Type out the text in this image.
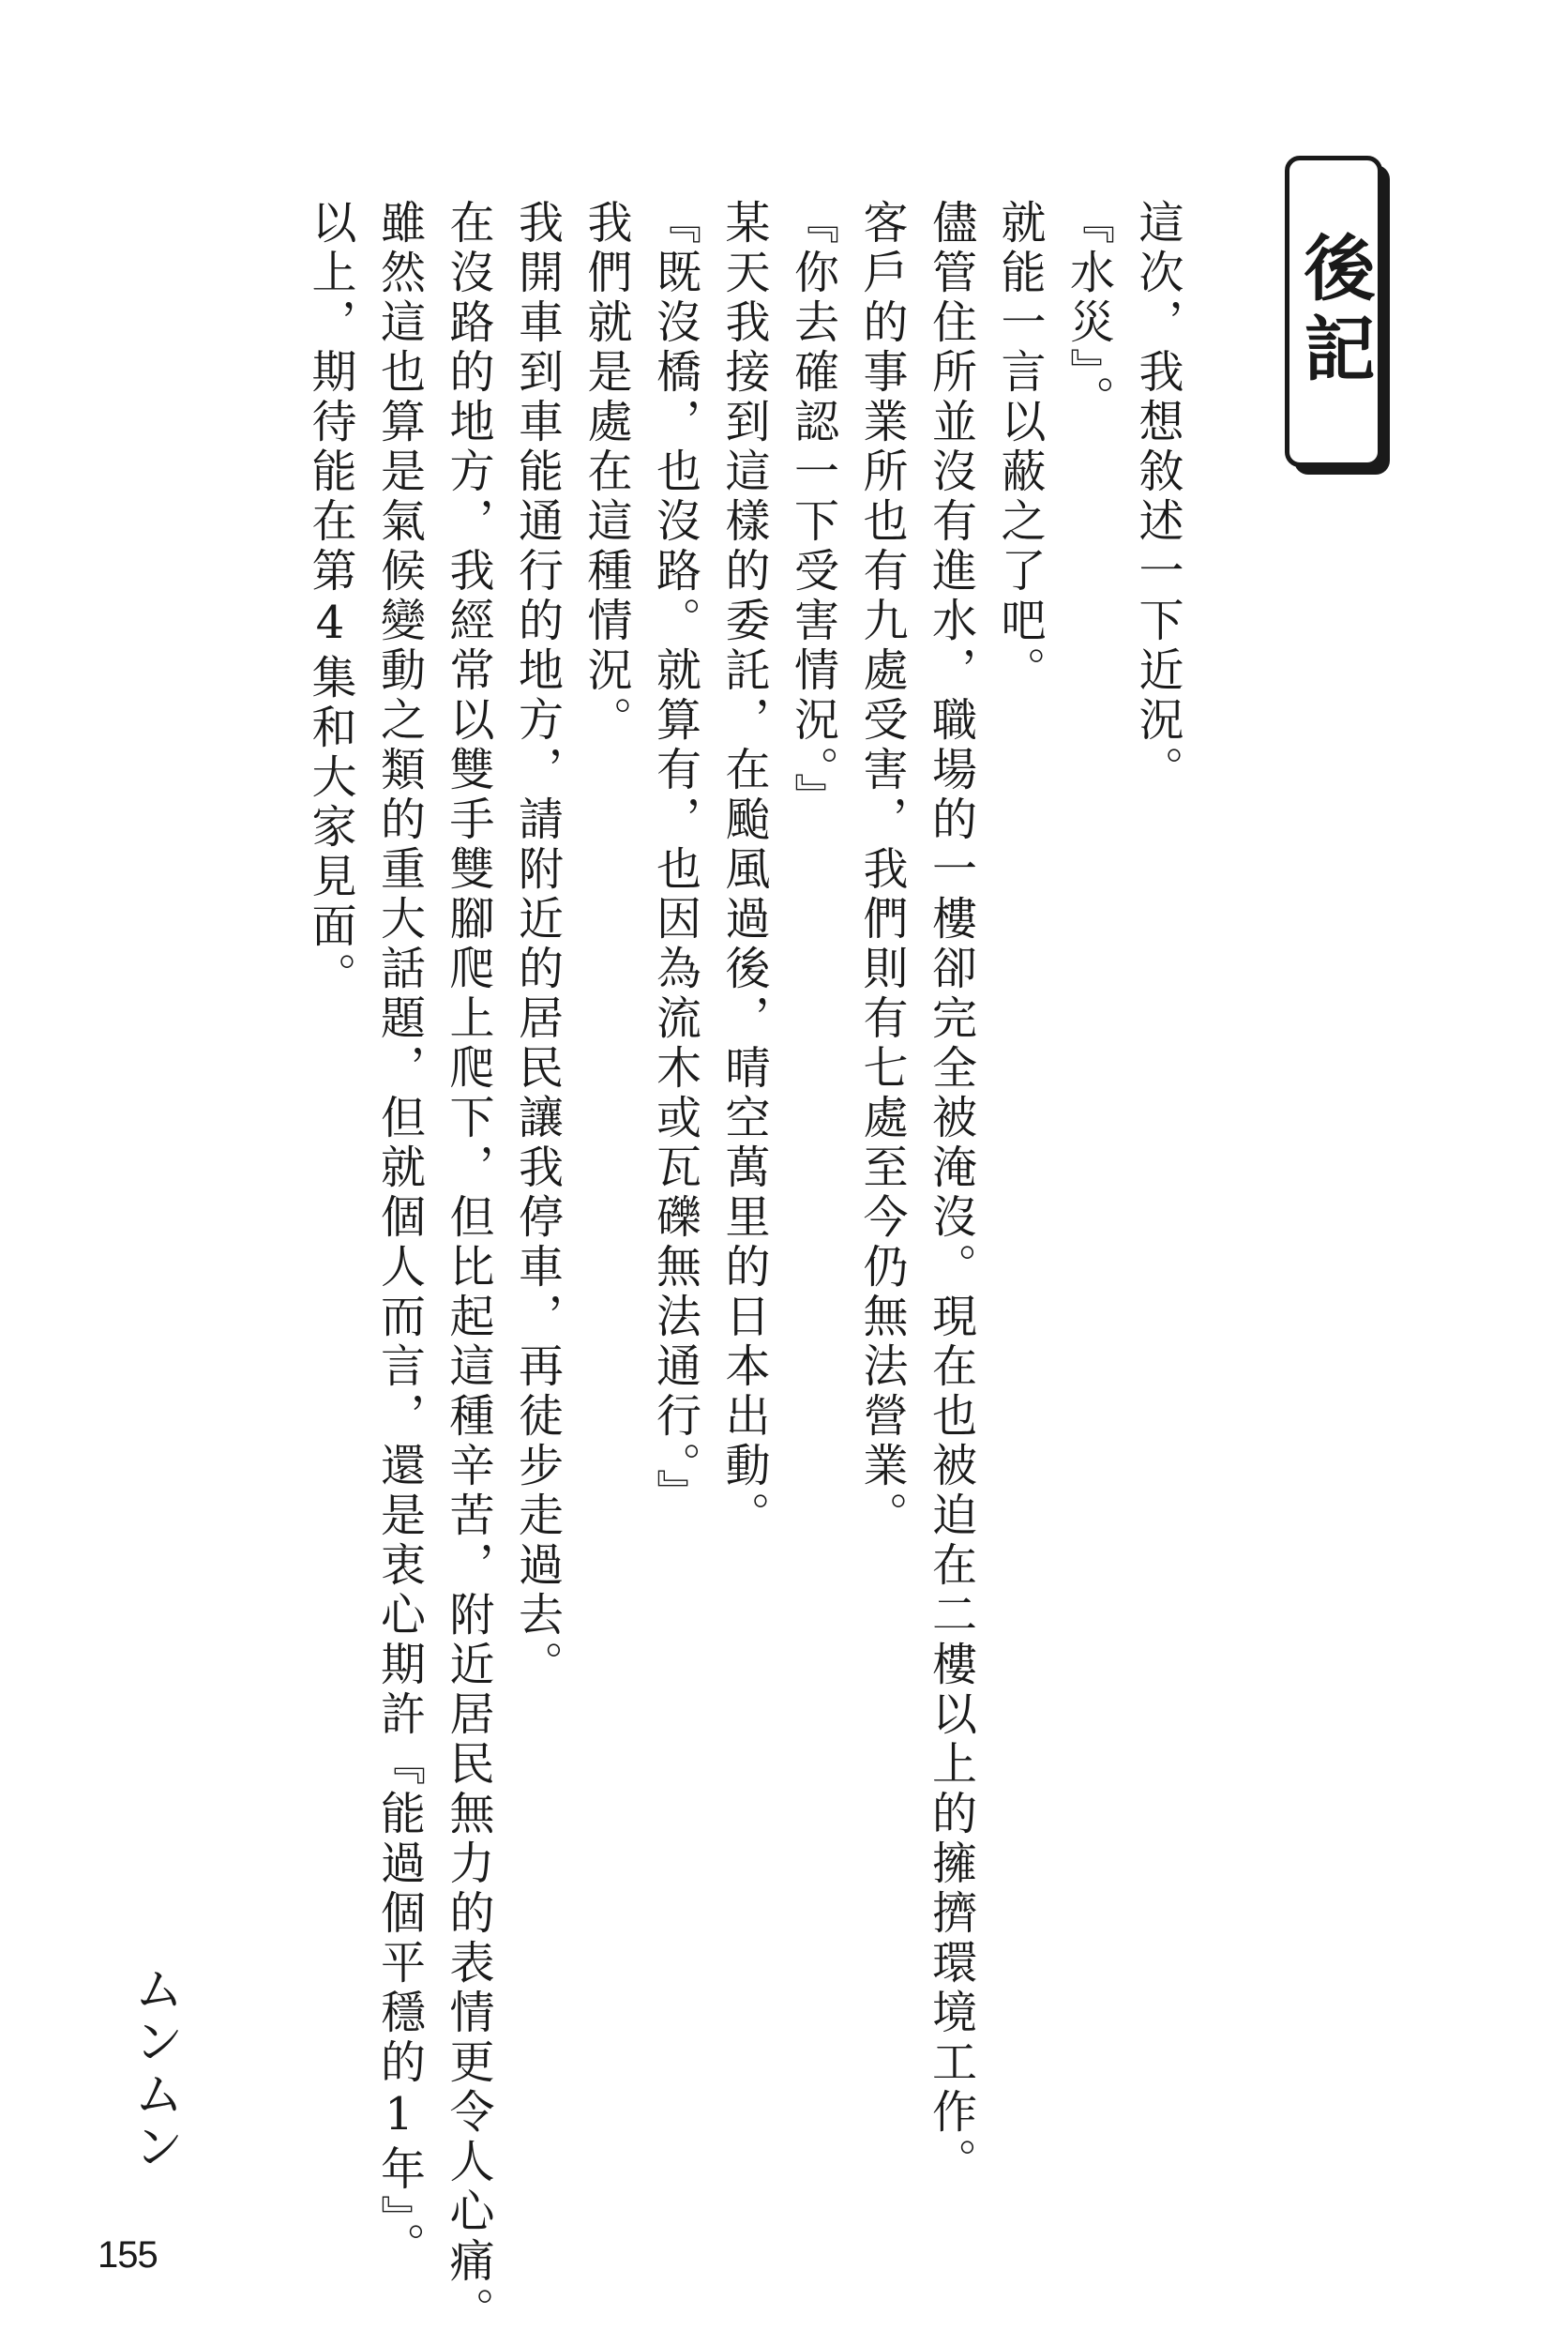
後記
這次，我想敘述一下近況。
『水災』。
就能一言以蔽之了吧。
儘管住所並沒有進水，職場的一樓卻完全被淹沒。現在也被迫在二樓以上的擁擠環境工作。
客戶的事業所也有九處受害，我們則有七處至今仍無法營業。
『你去確認一下受害情況。』
某天我接到這樣的委託，在颱風過後，晴空萬里的日本出動。
『既沒橋，也沒路。就算有，也因為流木或瓦礫無法通行。』
我們就是處在這種情況。
我開車到車能通行的地方，請附近的居民讓我停車，再徒步走過去。
在沒路的地方，我經常以雙手雙腳爬上爬下，但比起這種辛苦，附近居民無力的表情更令人心痛。
雖然這也算是氣候變動之類的重大話題，但就個人而言，還是衷心期許『能過個平穩的1年』。
以上，期待能在第4集和大家見面。
ムンムン
155
